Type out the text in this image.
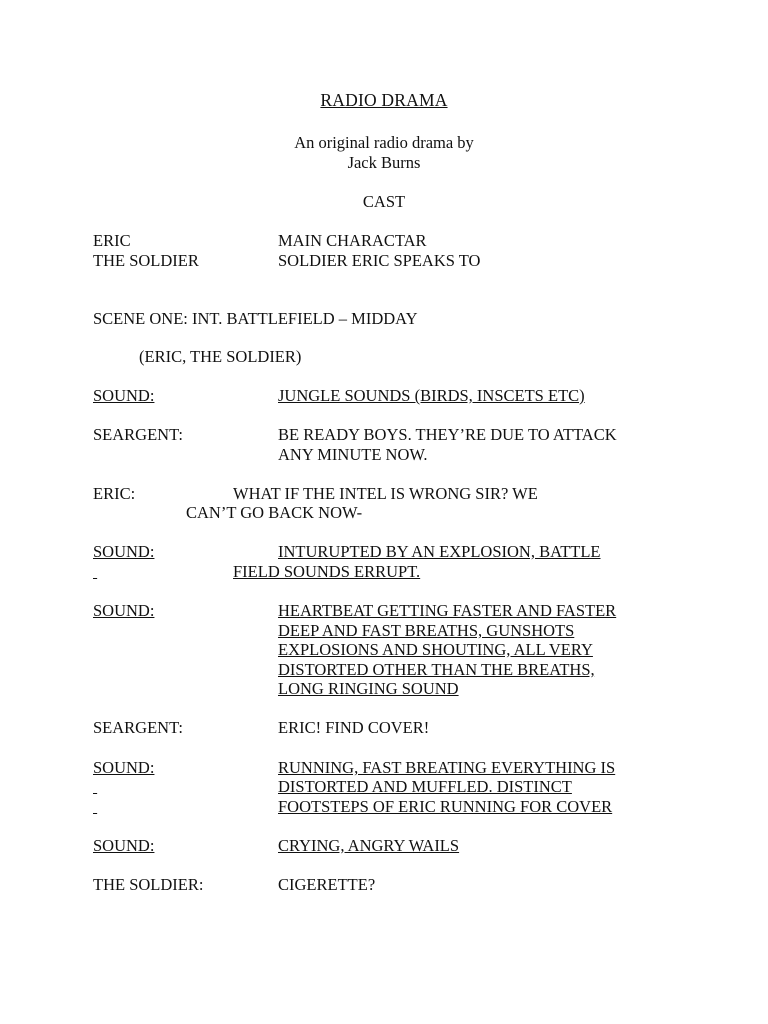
RADIO DRAMA
An original radio drama by
Jack Burns
CAST
ERIC	MAIN CHARACTAR
THE SOLDIER	SOLDIER ERIC SPEAKS TO
SCENE ONE: INT. BATTLEFIELD – MIDDAY
(ERIC, THE SOLDIER)
SOUND:	JUNGLE SOUNDS (BIRDS, INSCETS ETC)
SEARGENT:	BE READY BOYS. THEY’RE DUE TO ATTACK
ANY MINUTE NOW.
ERIC:	WHAT IF THE INTEL IS WRONG SIR? WE
CAN’T GO BACK NOW-
SOUND:	INTURUPTED BY AN EXPLOSION, BATTLE

FIELD SOUNDS ERRUPT.
SOUND:	HEARTBEAT GETTING FASTER AND FASTER
DEEP AND FAST BREATHS, GUNSHOTS
EXPLOSIONS AND SHOUTING, ALL VERY
DISTORTED OTHER THAN THE BREATHS,
LONG RINGING SOUND
SEARGENT:	ERIC! FIND COVER!
SOUND:	RUNNING, FAST BREATING EVERYTHING IS

DISTORTED AND MUFFLED. DISTINCT

FOOTSTEPS OF ERIC RUNNING FOR COVER
SOUND:	CRYING, ANGRY WAILS
THE SOLDIER:	CIGERETTE?
